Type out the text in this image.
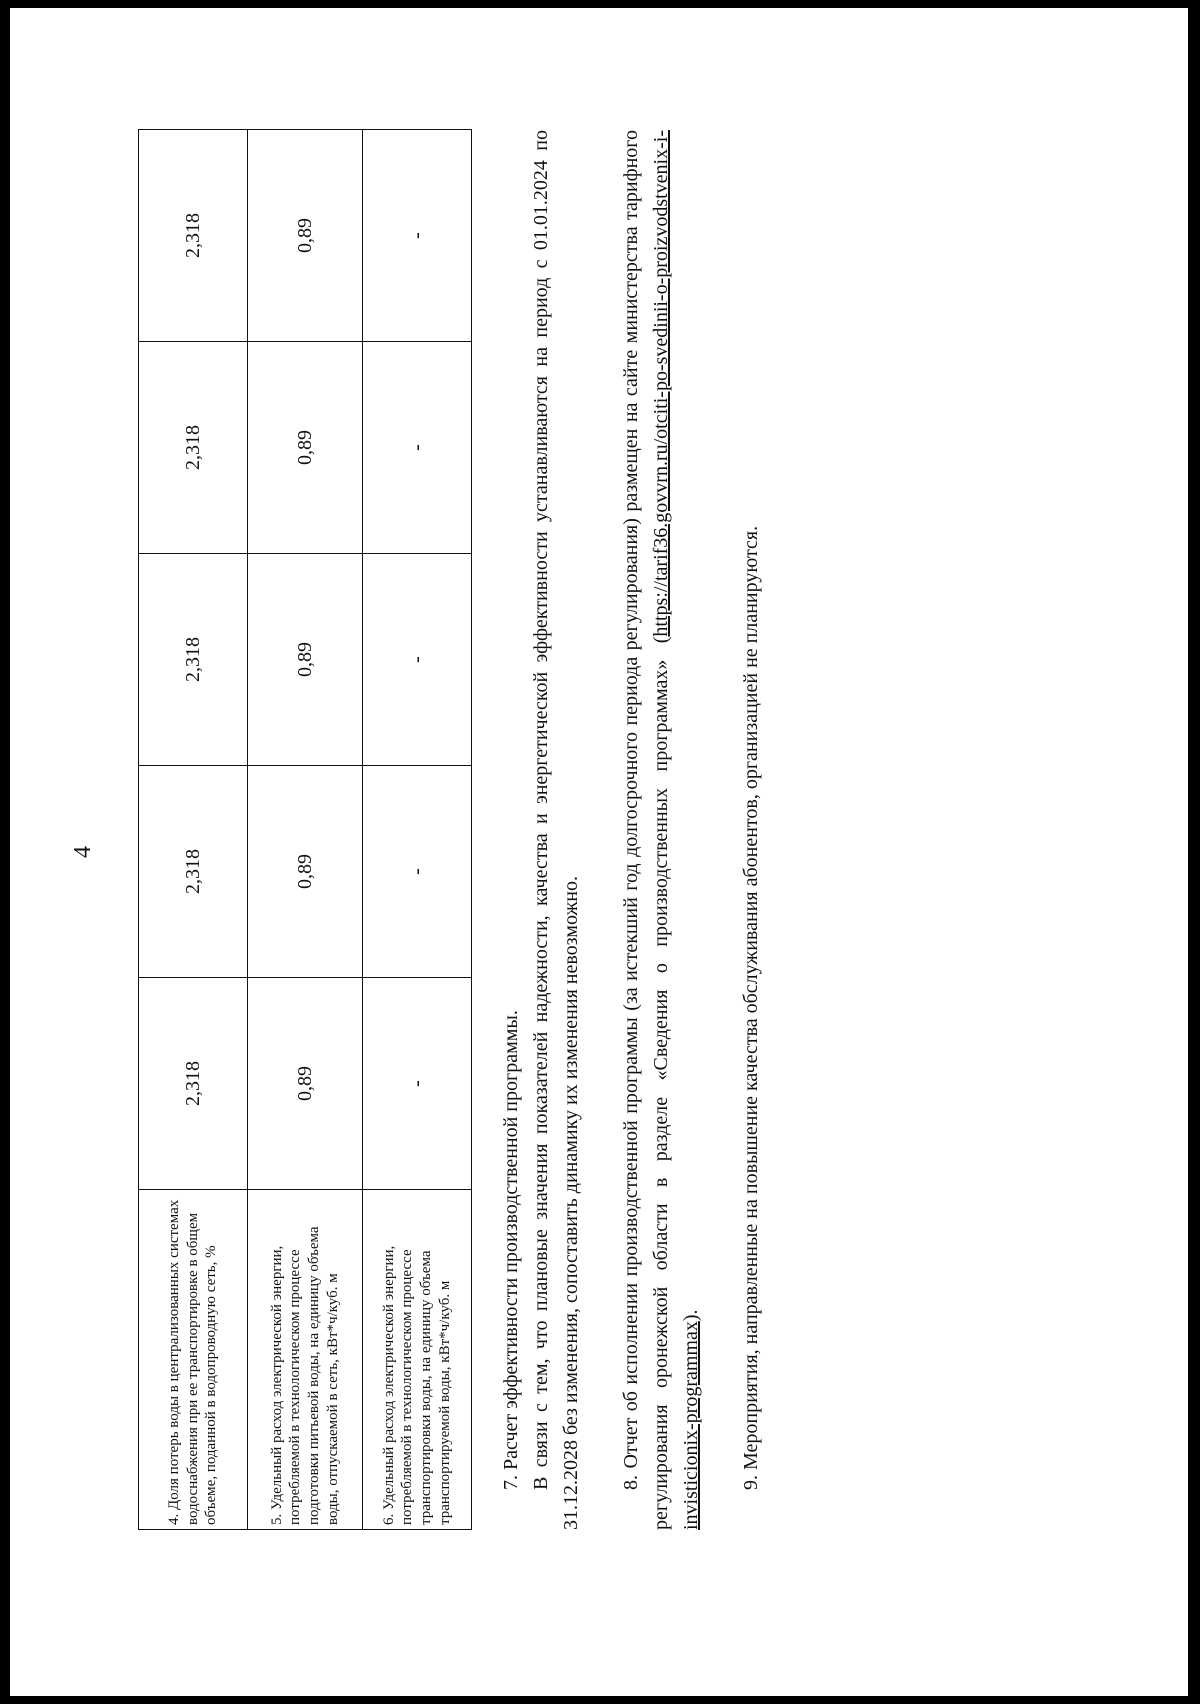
4
4. Доля потерь воды в централизованных системах водоснабжения при ее транспортировке в общем объеме, поданной в водопроводную сеть, %	2,318	2,318	2,318	2,318	2,318
5. Удельный расход электрической энергии, потребляемой в технологическом процессе подготовки питьевой воды, на единицу объема воды, отпускаемой в сеть, кВт*ч/куб. м	0,89	0,89	0,89	0,89	0,89
6. Удельный расход электрической энергии, потребляемой в технологическом процессе транспортировки воды, на единицу объема транспортируемой воды, кВт*ч/куб. м	-	-	-	-	-

7. Расчет эффективности производственной программы. В связи с тем, что плановые значения показателей надежности, качества и энергетической эффективности устанавливаются на период с 01.01.2024 по 31.12.2028 без изменения, сопоставить динамику их изменения невозможно. 8. Отчет об исполнении производственной программы (за истекший год долгосрочного периода регулирования) размещен на сайте министерства тарифного регулирования оронежской области в разделе «Сведения о производственных программах» (https://tarif36.govvrn.ru/otciti-po-svedinii-o-proizvodstvenix-i-invisticionix-programmax). 9. Мероприятия, направленные на повышение качества обслуживания абонентов, организацией не планируются.
